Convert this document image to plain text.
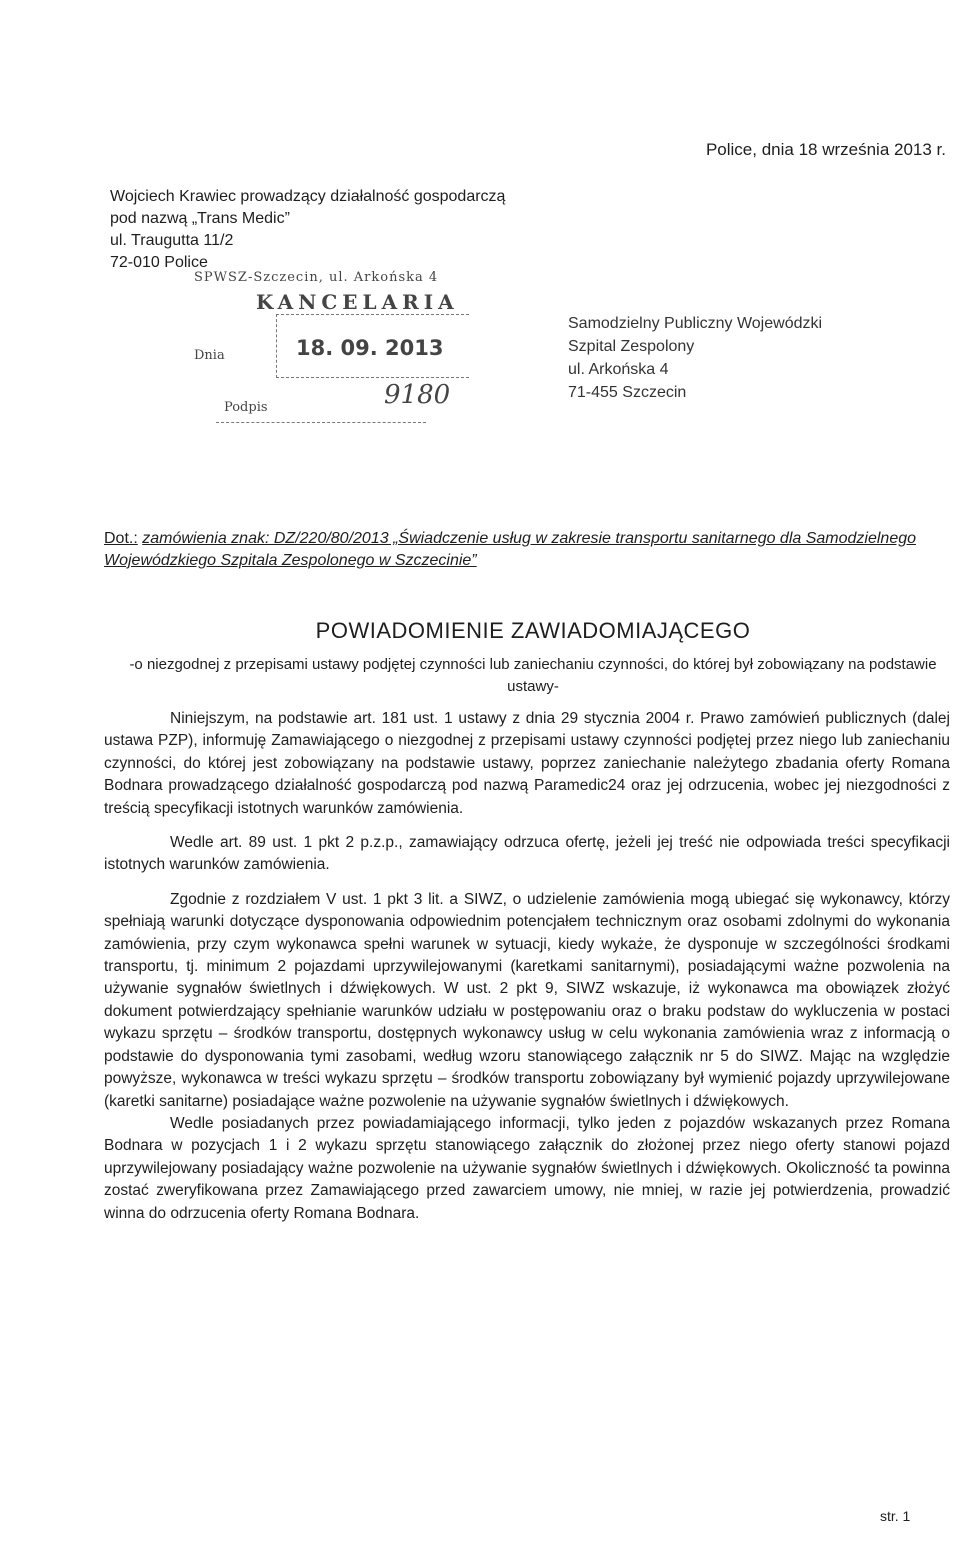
Police, dnia 18 września 2013 r.
Wojciech Krawiec prowadzący działalność gospodarczą
pod nazwą „Trans Medic”
ul. Traugutta 11/2
72-010 Police
SPWSZ-Szczecin, ul. Arkońska 4
KANCELARIA
Dnia	18. 09. 2013
9180
Podpis
Samodzielny Publiczny Wojewódzki
Szpital Zespolony
ul. Arkońska 4
71-455 Szczecin
Dot.: zamówienia znak: DZ/220/80/2013 „Świadczenie usług w zakresie transportu sanitarnego dla Samodzielnego Wojewódzkiego Szpitala Zespolonego w Szczecinie”
POWIADOMIENIE ZAWIADOMIAJĄCEGO
-o niezgodnej z przepisami ustawy podjętej czynności lub zaniechaniu czynności, do której był zobowiązany na podstawie ustawy-

Niniejszym, na podstawie art. 181 ust. 1 ustawy z dnia 29 stycznia 2004 r. Prawo zamówień publicznych (dalej ustawa PZP), informuję Zamawiającego o niezgodnej z przepisami ustawy czynności podjętej przez niego lub zaniechaniu czynności, do której jest zobowiązany na podstawie ustawy, poprzez zaniechanie należytego zbadania oferty Romana Bodnara prowadzącego działalność gospodarczą pod nazwą Paramedic24 oraz jej odrzucenia, wobec jej niezgodności z treścią specyfikacji istotnych warunków zamówienia.

Wedle art. 89 ust. 1 pkt 2 p.z.p., zamawiający odrzuca ofertę, jeżeli jej treść nie odpowiada treści specyfikacji istotnych warunków zamówienia.

Zgodnie z rozdziałem V ust. 1 pkt 3 lit. a SIWZ, o udzielenie zamówienia mogą ubiegać się wykonawcy, którzy spełniają warunki dotyczące dysponowania odpowiednim potencjałem technicznym oraz osobami zdolnymi do wykonania zamówienia, przy czym wykonawca spełni warunek w sytuacji, kiedy wykaże, że dysponuje w szczególności środkami transportu, tj. minimum 2 pojazdami uprzywilejowanymi (karetkami sanitarnymi), posiadającymi ważne pozwolenia na używanie sygnałów świetlnych i dźwiękowych. W ust. 2 pkt 9, SIWZ wskazuje, iż wykonawca ma obowiązek złożyć dokument potwierdzający spełnianie warunków udziału w postępowaniu oraz o braku podstaw do wykluczenia w postaci wykazu sprzętu – środków transportu, dostępnych wykonawcy usług w celu wykonania zamówienia wraz z informacją o podstawie do dysponowania tymi zasobami, według wzoru stanowiącego załącznik nr 5 do SIWZ. Mając na względzie powyższe, wykonawca w treści wykazu sprzętu – środków transportu zobowiązany był wymienić pojazdy uprzywilejowane (karetki sanitarne) posiadające ważne pozwolenie na używanie sygnałów świetlnych i dźwiękowych.

Wedle posiadanych przez powiadamiającego informacji, tylko jeden z pojazdów wskazanych przez Romana Bodnara w pozycjach 1 i 2 wykazu sprzętu stanowiącego załącznik do złożonej przez niego oferty stanowi pojazd uprzywilejowany posiadający ważne pozwolenie na używanie sygnałów świetlnych i dźwiękowych. Okoliczność ta powinna zostać zweryfikowana przez Zamawiającego przed zawarciem umowy, nie mniej, w razie jej potwierdzenia, prowadzić winna do odrzucenia oferty Romana Bodnara.

str. 1
